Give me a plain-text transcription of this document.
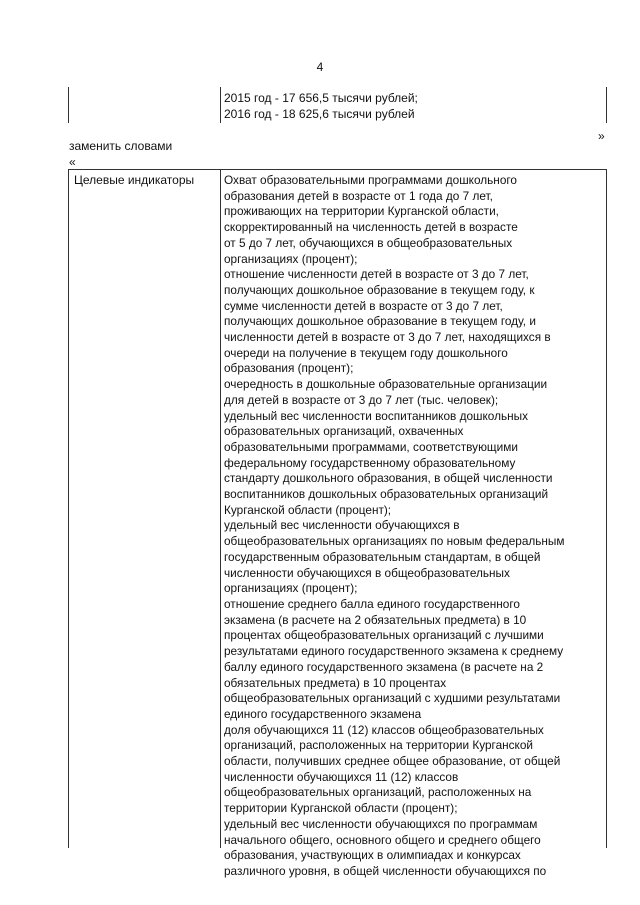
4
2015 год - 17 656,5 тысячи рублей;
2016 год - 18 625,6 тысячи рублей
»
заменить словами
«
Целевые индикаторы	Охват образовательными программами дошкольного
образования детей в возрасте от 1 года до 7 лет,
проживающих на территории Курганской области,
скорректированный на численность детей в возрасте
от 5 до 7 лет, обучающихся в общеобразовательных
организациях (процент);
отношение численности детей в возрасте от 3 до 7 лет,
получающих дошкольное образование в текущем году, к
сумме численности детей в возрасте от 3 до 7 лет,
получающих дошкольное образование в текущем году, и
численности детей в возрасте от 3 до 7 лет, находящихся в
очереди на получение в текущем году дошкольного
образования (процент);
очередность в дошкольные образовательные организации
для детей в возрасте от 3 до 7 лет (тыс. человек);
удельный вес численности воспитанников дошкольных
образовательных организаций, охваченных
образовательными программами, соответствующими
федеральному государственному образовательному
стандарту дошкольного образования, в общей численности
воспитанников дошкольных образовательных организаций
Курганской области (процент);
удельный вес численности обучающихся в
общеобразовательных организациях по новым федеральным
государственным образовательным стандартам, в общей
численности обучающихся в общеобразовательных
организациях (процент);
отношение среднего балла единого государственного
экзамена (в расчете на 2 обязательных предмета) в 10
процентах общеобразовательных организаций с лучшими
результатами единого государственного экзамена к среднему
баллу единого государственного экзамена (в расчете на 2
обязательных предмета) в 10 процентах
общеобразовательных организаций с худшими результатами
единого государственного экзамена
доля обучающихся 11 (12) классов общеобразовательных
организаций, расположенных на территории Курганской
области, получивших среднее общее образование, от общей
численности обучающихся 11 (12) классов
общеобразовательных организаций, расположенных на
территории Курганской области (процент);
удельный вес численности обучающихся по программам
начального общего, основного общего и среднего общего
образования, участвующих в олимпиадах и конкурсах
различного уровня, в общей численности обучающихся по
